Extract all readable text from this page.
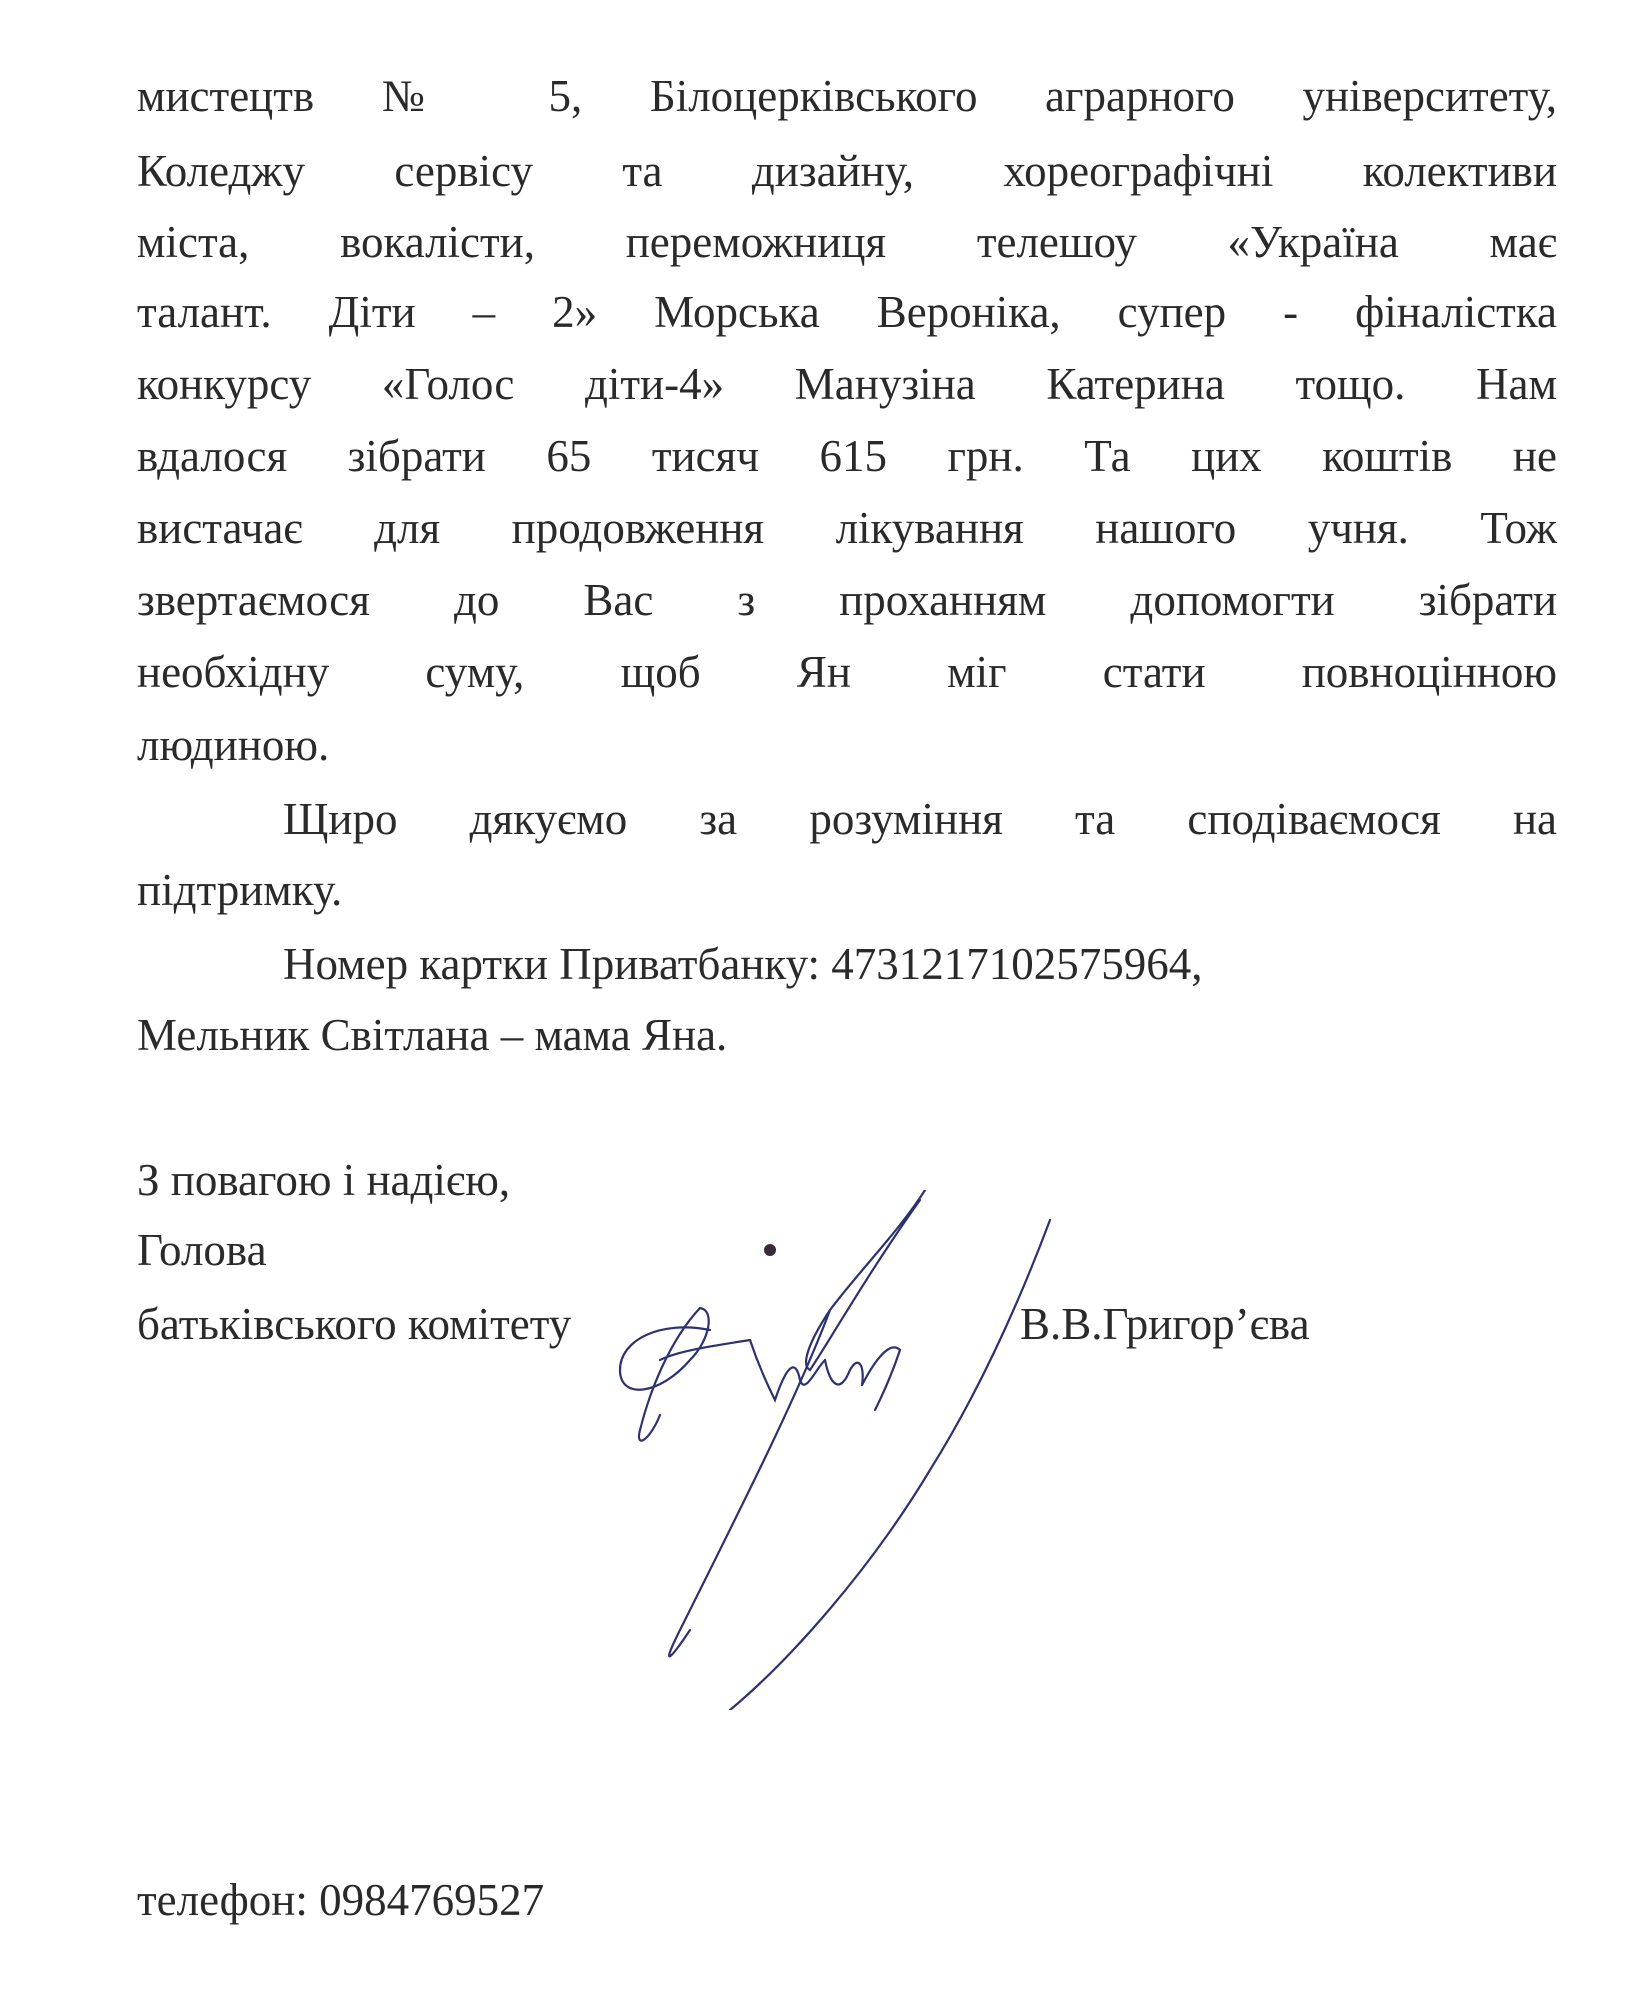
мистецтв № 5, Білоцерківського аграрного університету,
Коледжу сервісу та дизайну, хореографічні колективи
міста, вокалісти, переможниця телешоу «Україна має
талант. Діти – 2» Морська Вероніка, супер - фіналістка
конкурсу «Голос діти-4» Манузіна Катерина тощо. Нам
вдалося зібрати 65 тисяч 615 грн. Та цих коштів не
вистачає для продовження лікування нашого учня. Тож
звертаємося до Вас з проханням допомогти зібрати
необхідну суму, щоб Ян міг стати повноцінною
людиною.
Щиро дякуємо за розуміння та сподіваємося на
підтримку.
Номер картки Приватбанку: 4731217102575964,
Мельник Світлана – мама Яна.
З повагою і надією,
Голова
батьківського комітету	В.В.Григор’єва
телефон: 0984769527
